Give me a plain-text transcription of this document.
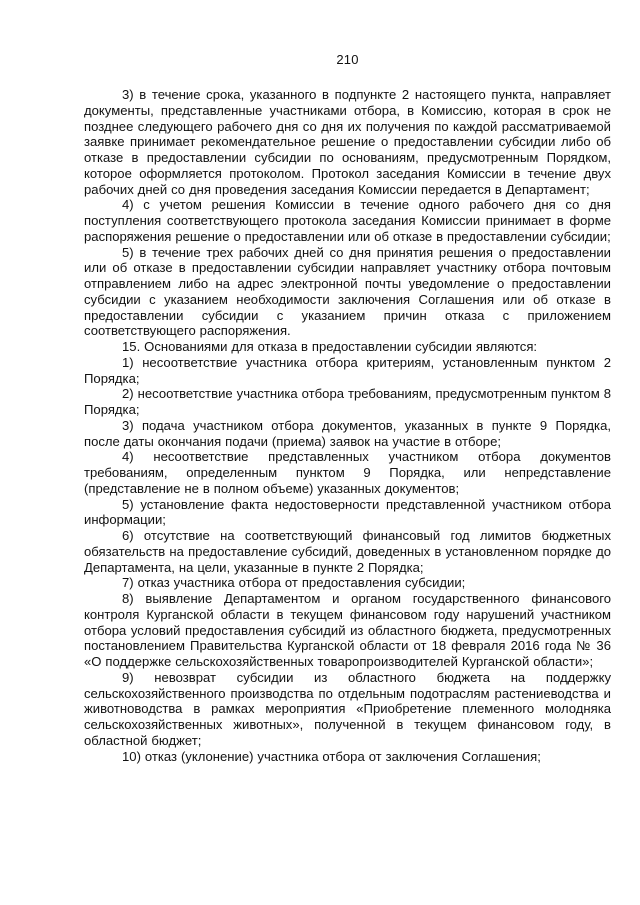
210

3) в течение срока, указанного в подпункте 2 настоящего пункта, направляет документы, представленные участниками отбора, в Комиссию, которая в срок не позднее следующего рабочего дня со дня их получения по каждой рассматриваемой заявке принимает рекомендательное решение о предоставлении субсидии либо об отказе в предоставлении субсидии по основаниям, предусмотренным Порядком, которое оформляется протоколом. Протокол заседания Комиссии в течение двух рабочих дней со дня проведения заседания Комиссии передается в Департамент;

4) с учетом решения Комиссии в течение одного рабочего дня со дня поступления соответствующего протокола заседания Комиссии принимает в форме распоряжения решение о предоставлении или об отказе в предоставлении субсидии;

5) в течение трех рабочих дней со дня принятия решения о предоставлении или об отказе в предоставлении субсидии направляет участнику отбора почтовым отправлением либо на адрес электронной почты уведомление о предоставлении субсидии с указанием необходимости заключения Соглашения или об отказе в предоставлении субсидии с указанием причин отказа с приложением соответствующего распоряжения.

15. Основаниями для отказа в предоставлении субсидии являются:

1) несоответствие участника отбора критериям, установленным пунктом 2 Порядка;

2) несоответствие участника отбора требованиям, предусмотренным пунктом 8 Порядка;

3) подача участником отбора документов, указанных в пункте 9 Порядка, после даты окончания подачи (приема) заявок на участие в отборе;

4) несоответствие представленных участником отбора документов требованиям, определенным пунктом 9 Порядка, или непредставление (представление не в полном объеме) указанных документов;

5) установление факта недостоверности представленной участником отбора информации;

6) отсутствие на соответствующий финансовый год лимитов бюджетных обязательств на предоставление субсидий, доведенных в установленном порядке до Департамента, на цели, указанные в пункте 2 Порядка;

7) отказ участника отбора от предоставления субсидии;

8) выявление Департаментом и органом государственного финансового контроля Курганской области в текущем финансовом году нарушений участником отбора условий предоставления субсидий из областного бюджета, предусмотренных постановлением Правительства Курганской области от 18 февраля 2016 года № 36 «О поддержке сельскохозяйственных товаропроизводителей Курганской области»;

9) невозврат субсидии из областного бюджета на поддержку сельскохозяйственного производства по отдельным подотраслям растениеводства и животноводства в рамках мероприятия «Приобретение племенного молодняка сельскохозяйственных животных», полученной в текущем финансовом году, в областной бюджет;

10) отказ (уклонение) участника отбора от заключения Соглашения;
